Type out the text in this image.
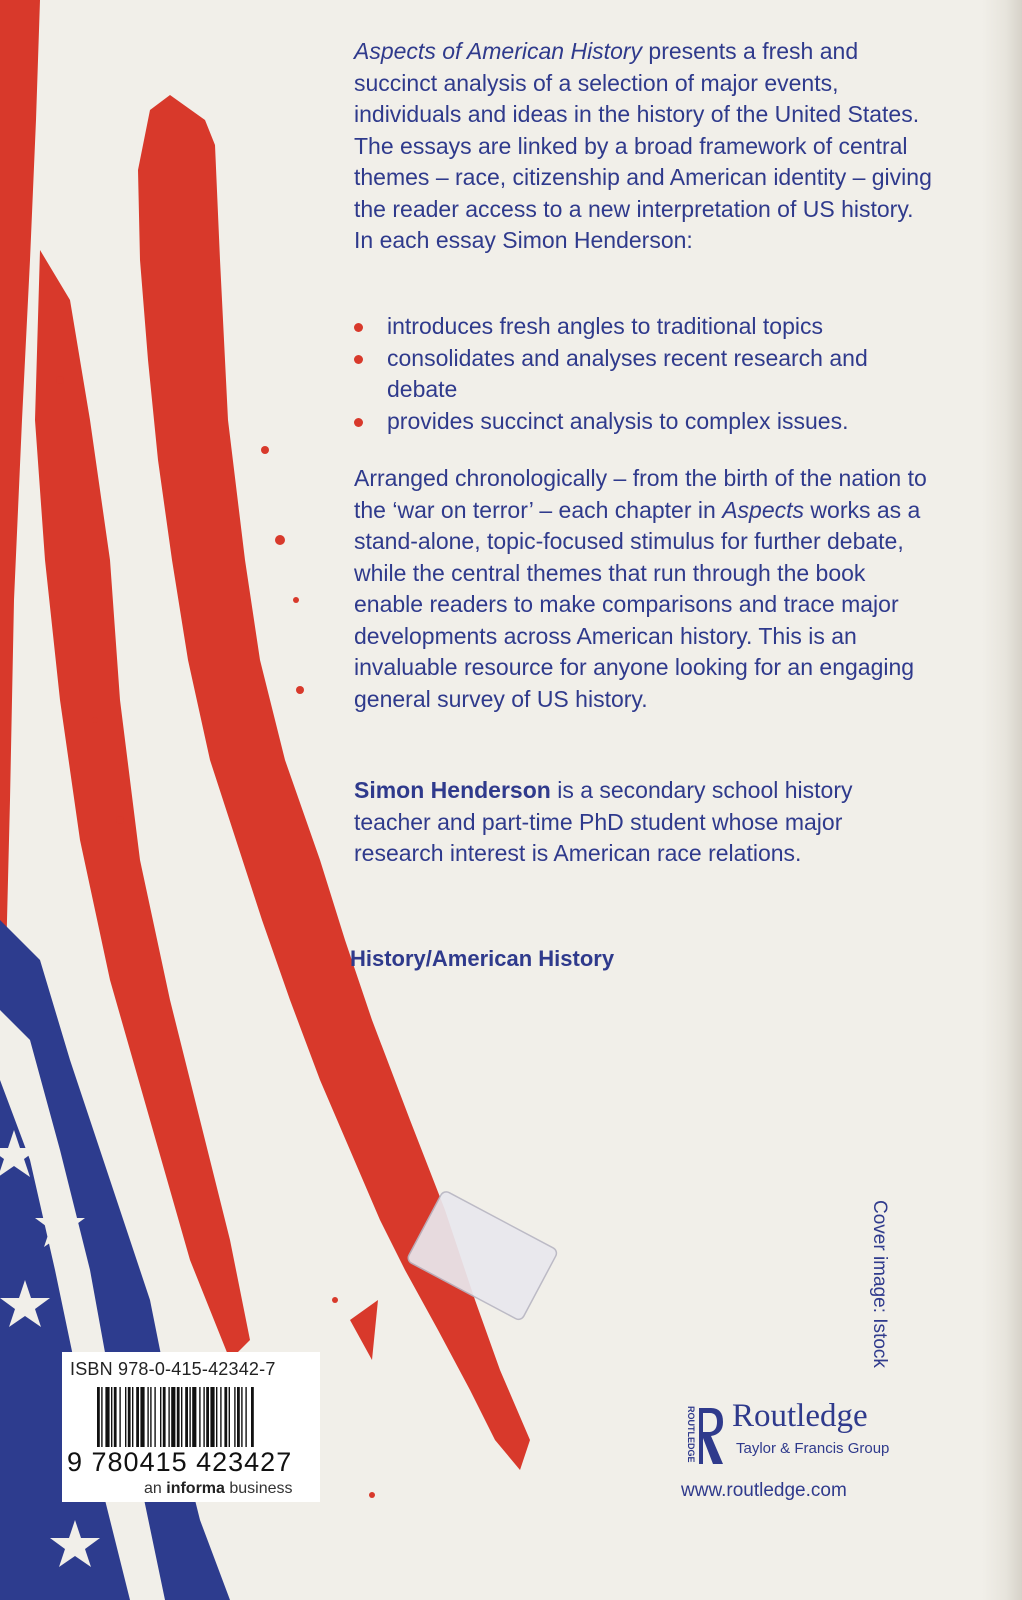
Aspects of American History presents a fresh and succinct analysis of a selection of major events, individuals and ideas in the history of the United States. The essays are linked by a broad framework of central themes – race, citizenship and American identity – giving the reader access to a new interpretation of US history. In each essay Simon Henderson:

introduces fresh angles to traditional topics
consolidates and analyses recent research and debate
provides succinct analysis to complex issues.

Arranged chronologically – from the birth of the nation to the ‘war on terror’ – each chapter in Aspects works as a stand-alone, topic-focused stimulus for further debate, while the central themes that run through the book enable readers to make comparisons and trace major developments across American history. This is an invaluable resource for anyone looking for an engaging general survey of US history.

Simon Henderson is a secondary school history teacher and part-time PhD student whose major research interest is American race relations.

History/American History
Cover image: Istock
ROUTLEDGE Routledge
Taylor & Francis Group
www.routledge.com
ISBN 978-0-415-42342-7
9 780415 423427
an informa business
